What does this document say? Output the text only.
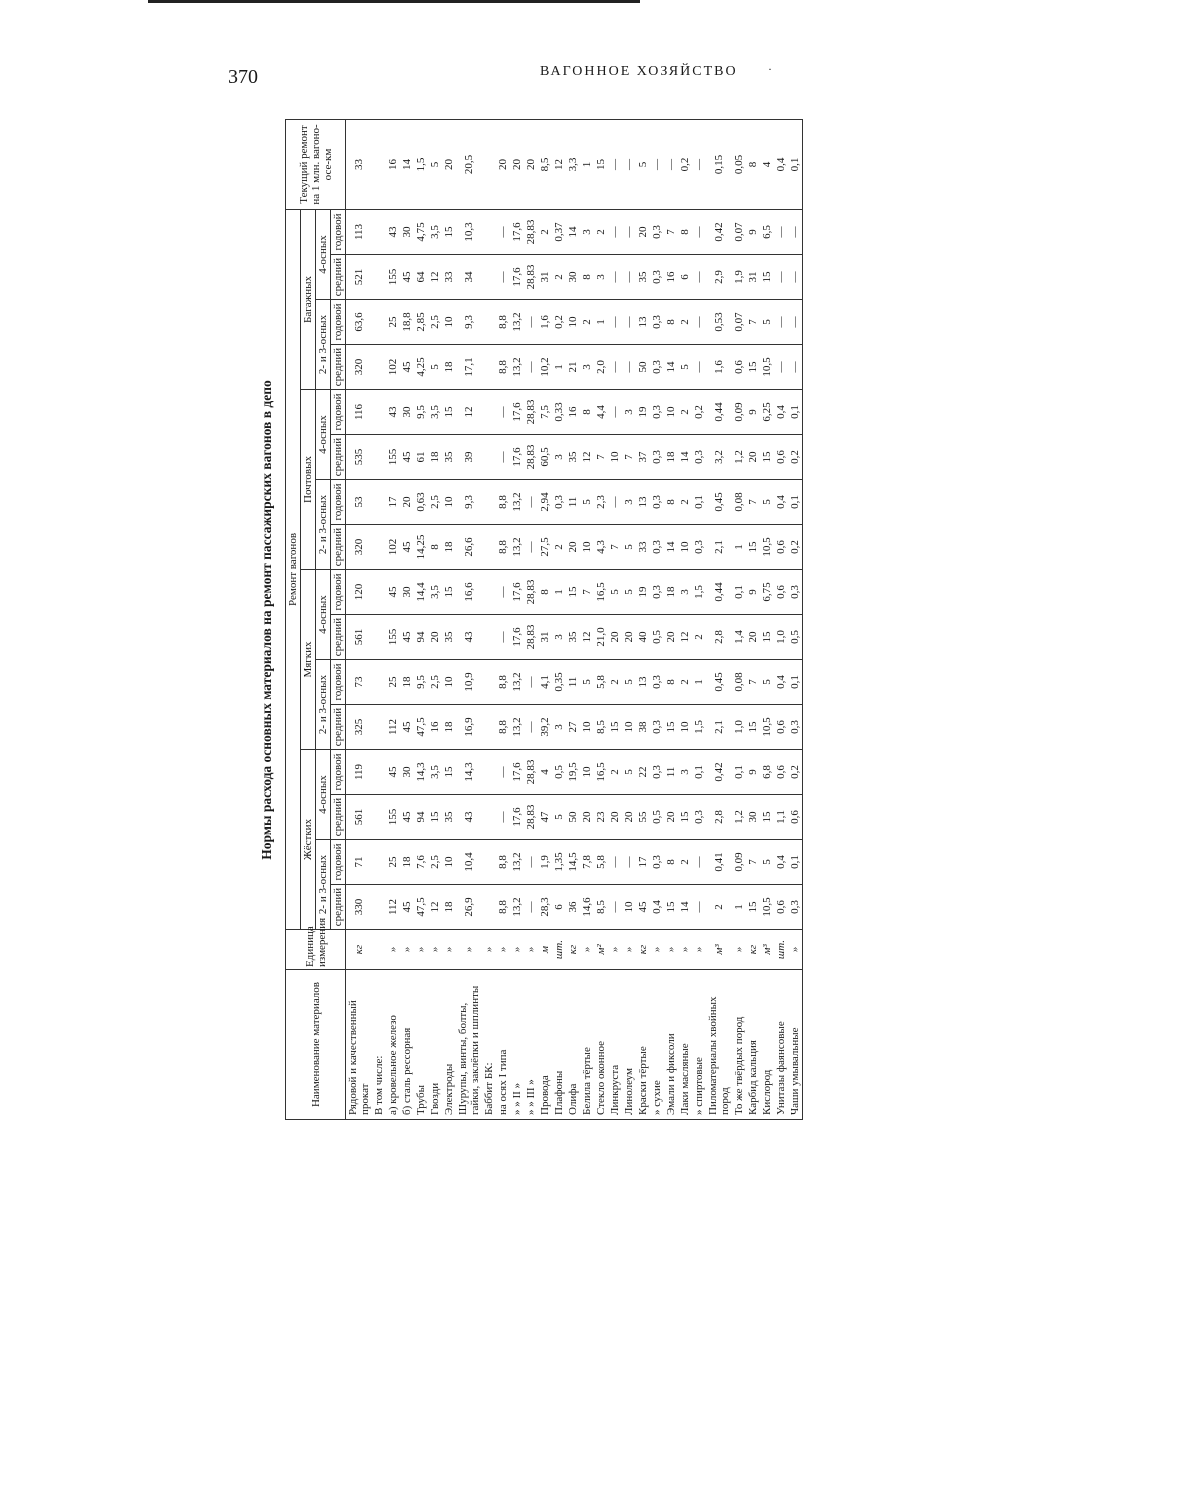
370	ВАГОННОЕ ХОЗЯЙСТВО	·
Нормы расхода основных материалов на ремонт пассажирских вагонов в депо
Наименование материалов	Единица измерения	Ремонт вагонов																Текущий ремонт на 1 млн. вагоно-осе-км
		Жёстких				Мягких				Почтовых				Багажных				
		2- и 3-осных		4-осных		2- и 3-осных		4-осных		2- и 3-осных		4-осных		2- и 3-осных		4-осных		
		средний	годовой	средний	годовой	средний	годовой	средний	годовой	средний	годовой	средний	годовой	средний	годовой	средний	годовой	
Рядовой и качественный прокат	кг	330	71	561	119	325	73	561	120	320	53	535	116	320	63,6	521	113	33
В том числе:																		
а) кровельное железо	»	112	25	155	45	112	25	155	45	102	17	155	43	102	25	155	43	16
б) сталь рессорная	»	45	18	45	30	45	18	45	30	45	20	45	30	45	18,8	45	30	14
Трубы	»	47,5	7,6	94	14,3	47,5	9,5	94	14,4	14,25	0,63	61	9,5	4,25	2,85	64	4,75	1,5
Гвозди	»	12	2,5	15	3,5	16	2,5	20	3,5	8	2,5	18	3,5	5	2,5	12	3,5	5
Электроды	»	18	10	35	15	18	10	35	15	18	10	35	15	18	10	33	15	20
Шурупы, винты, болты, гайки, заклёпки и шплинты	»	26,9	10,4	43	14,3	16,9	10,9	43	16,6	26,6	9,3	39	12	17,1	9,3	34	10,3	20,5
Баббит БК:	»																	
на осях I типа	»	8,8	8,8	—	—	8,8	8,8	—	—	8,8	8,8	—	—	8,8	8,8	—	—	20
» » II »	»	13,2	13,2	17,6	17,6	13,2	13,2	17,6	17,6	13,2	13,2	17,6	17,6	13,2	13,2	17,6	17,6	20
» » III »	»	—	—	28,83	28,83	—	—	28,83	28,83	—	—	28,83	28,83	—	—	28,83	28,83	20
Провода	м	28,3	1,9	47	4	39,2	4,1	31	8	27,5	2,94	60,5	7,5	10,2	1,6	31	2	8,5
Плафоны	шт.	6	1,35	5	0,5	3	0,35	3	1	2	0,3	3	0,33	1	0,2	2	0,37	12
Олифа	кг	36	14,5	50	19,5	27	11	35	15	20	11	35	16	21	10	30	14	3,3
Белила тёртые	»	14,6	7,8	20	10	10	5	12	7	10	5	12	8	3	2	8	3	1
Стекло оконное	м²	8,5	5,8	23	16,5	8,5	5,8	21,0	16,5	4,3	2,3	7	4,4	2,0	1	3	2	15
Линкруста	»	—	—	20	2	15	2	20	5	7	—	10	—	—	—	—	—	—
Линолеум	»	10	—	20	5	10	5	20	5	5	3	7	3	—	—	—	—	—
Краски тёртые	кг	45	17	55	22	38	13	40	19	33	13	37	19	50	13	35	20	5
» сухие	»	0,4	0,3	0,5	0,3	0,3	0,3	0,5	0,3	0,3	0,3	0,3	0,3	0,3	0,3	0,3	0,3	—
Эмали и фиксоли	»	15	8	20	11	15	8	20	18	14	8	18	10	14	8	16	7	—
Лаки масляные	»	14	2	15	3	10	2	12	3	10	2	14	2	5	2	6	8	0,2
» спиртовые	»	—	—	0,3	0,1	1,5	1	2	1,5	0,3	0,1	0,3	0,2	—	—	—	—	—
Пиломатериалы хвойных пород	м³	2	0,41	2,8	0,42	2,1	0,45	2,8	0,44	2,1	0,45	3,2	0,44	1,6	0,53	2,9	0,42	0,15
То же твёрдых пород	»	1	0,09	1,2	0,1	1,0	0,08	1,4	0,1	1	0,08	1,2	0,09	0,6	0,07	1,9	0,07	0,05
Карбид кальция	кг	15	7	30	9	15	7	20	9	15	7	20	9	15	7	31	9	8
Кислород	м³	10,5	5	15	6,8	10,5	5	15	6,75	10,5	5	15	6,25	10,5	5	15	6,5	4
Унитазы фаянсовые	шт.	0,6	0,4	1,1	0,6	0,6	0,4	1,0	0,6	0,6	0,4	0,6	0,4	—	—	—	—	0,4
Чаши умывальные	»	0,3	0,1	0,6	0,2	0,3	0,1	0,5	0,3	0,2	0,1	0,2	0,1	—	—	—	—	0,1
